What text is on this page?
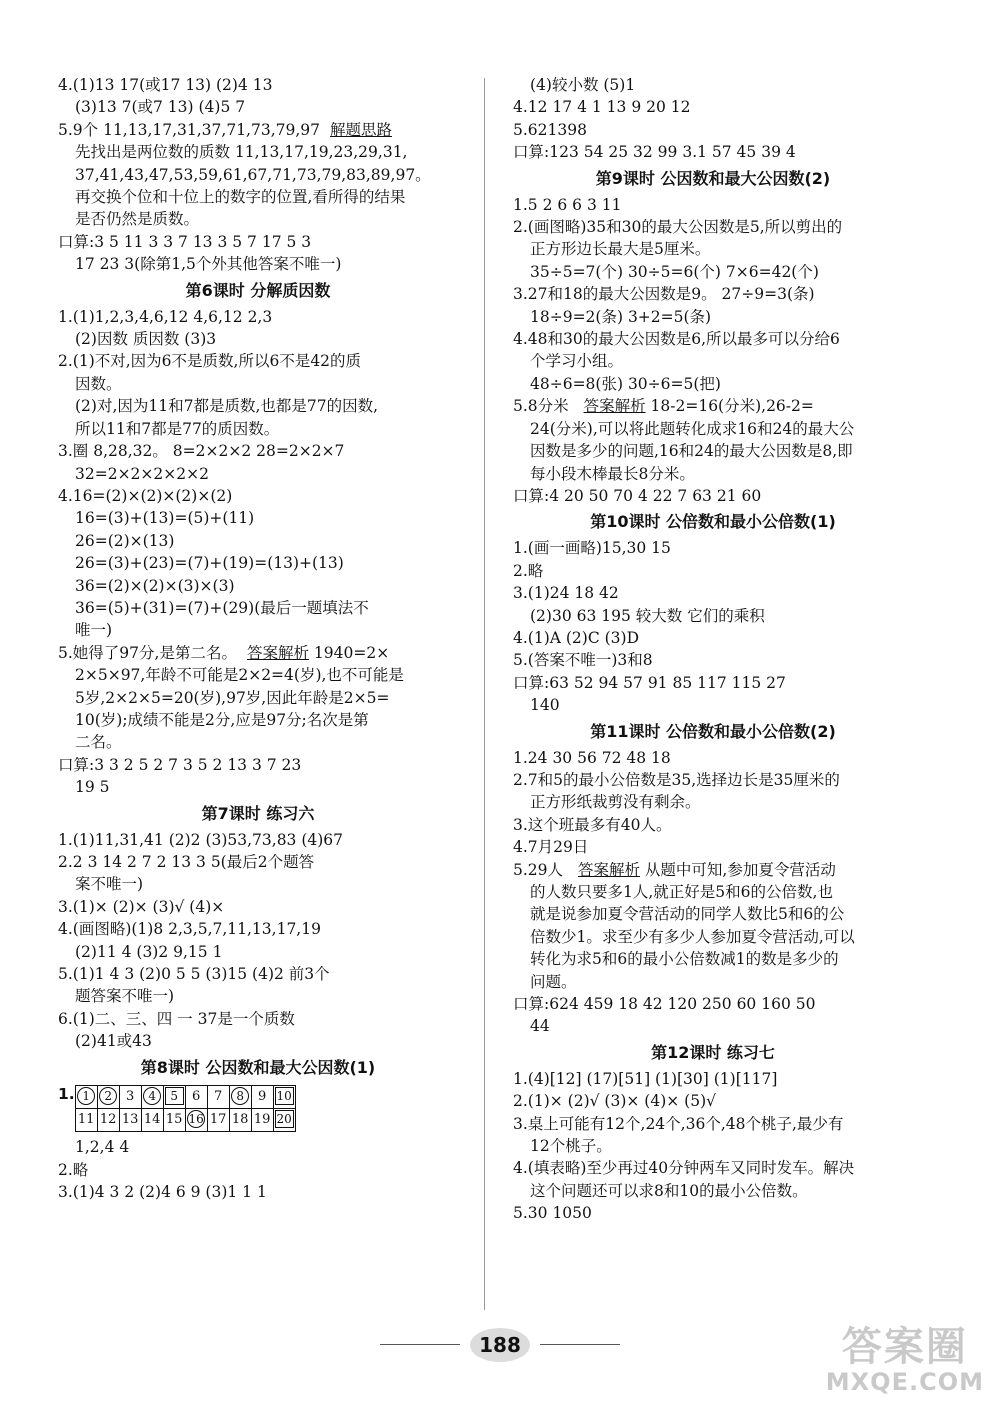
4.(1)13 17(或17 13) (2)4 13
(3)13 7(或7 13) (4)5 7
5.9个 11,13,17,31,37,71,73,79,97 解题思路
先找出是两位数的质数 11,13,17,19,23,29,31,
37,41,43,47,53,59,61,67,71,73,79,83,89,97。
再交换个位和十位上的数字的位置,看所得的结果
是否仍然是质数。
口算:3 5 11 3 3 7 13 3 5 7 17 5 3
17 23 3(除第1,5个外其他答案不唯一)
第6课时 分解质因数
1.(1)1,2,3,4,6,12 4,6,12 2,3
(2)因数 质因数 (3)3
2.(1)不对,因为6不是质数,所以6不是42的质
因数。
(2)对,因为11和7都是质数,也都是77的因数,
所以11和7都是77的质因数。
3.圈 8,28,32。 8=2×2×2 28=2×2×7
32=2×2×2×2×2
4.16=(2)×(2)×(2)×(2)
16=(3)+(13)=(5)+(11)
26=(2)×(13)
26=(3)+(23)=(7)+(19)=(13)+(13)
36=(2)×(2)×(3)×(3)
36=(5)+(31)=(7)+(29)(最后一题填法不
唯一)
5.她得了97分,是第二名。 答案解析 1940=2×
2×5×97,年龄不可能是2×2=4(岁),也不可能是
5岁,2×2×5=20(岁),97岁,因此年龄是2×5=
10(岁);成绩不能是2分,应是97分;名次是第
二名。
口算:3 3 2 5 2 7 3 5 2 13 3 7 23
19 5
第7课时 练习六
1.(1)11,31,41 (2)2 (3)53,73,83 (4)67
2.2 3 14 2 7 2 13 3 5(最后2个题答
案不唯一)
3.(1)× (2)× (3)√ (4)×
4.(画图略)(1)8 2,3,5,7,11,13,17,19
(2)11 4 (3)2 9,15 1
5.(1)1 4 3 (2)0 5 5 (3)15 (4)2 前3个
题答案不唯一)
6.(1)二、三、四 一 37是一个质数
(2)41或43
第8课时 公因数和最大公因数(1)
1. 1	2	3	4	5	6	7	8	9	10
11	12	13	14	15	16	17	18	19	20
1,2,4 4
2.略
3.(1)4 3 2 (2)4 6 9 (3)1 1 1
(4)较小数 (5)1
4.12 17 4 1 13 9 20 12
5.621398
口算:123 54 25 32 99 3.1 57 45 39 4
第9课时 公因数和最大公因数(2)
1.5 2 6 6 3 11
2.(画图略)35和30的最大公因数是5,所以剪出的
正方形边长最大是5厘米。
35÷5=7(个) 30÷5=6(个) 7×6=42(个)
3.27和18的最大公因数是9。 27÷9=3(条)
18÷9=2(条) 3+2=5(条)
4.48和30的最大公因数是6,所以最多可以分给6
个学习小组。
48÷6=8(张) 30÷6=5(把)
5.8分米 答案解析 18-2=16(分米),26-2=
24(分米),可以将此题转化成求16和24的最大公
因数是多少的问题,16和24的最大公因数是8,即
每小段木棒最长8分米。
口算:4 20 50 70 4 22 7 63 21 60
第10课时 公倍数和最小公倍数(1)
1.(画一画略)15,30 15
2.略
3.(1)24 18 42
(2)30 63 195 较大数 它们的乘积
4.(1)A (2)C (3)D
5.(答案不唯一)3和8
口算:63 52 94 57 91 85 117 115 27
140
第11课时 公倍数和最小公倍数(2)
1.24 30 56 72 48 18
2.7和5的最小公倍数是35,选择边长是35厘米的
正方形纸裁剪没有剩余。
3.这个班最多有40人。
4.7月29日
5.29人 答案解析 从题中可知,参加夏令营活动
的人数只要多1人,就正好是5和6的公倍数,也
就是说参加夏令营活动的同学人数比5和6的公
倍数少1。求至少有多少人参加夏令营活动,可以
转化为求5和6的最小公倍数减1的数是多少的
问题。
口算:624 459 18 42 120 250 60 160 50
44
第12课时 练习七
1.(4)[12] (17)[51] (1)[30] (1)[117]
2.(1)× (2)√ (3)× (4)× (5)√
3.桌上可能有12个,24个,36个,48个桃子,最少有
12个桃子。
4.(填表略)至少再过40分钟两车又同时发车。解决
这个问题还可以求8和10的最小公倍数。
5.30 1050
188	答案圈
MXQE.COM
